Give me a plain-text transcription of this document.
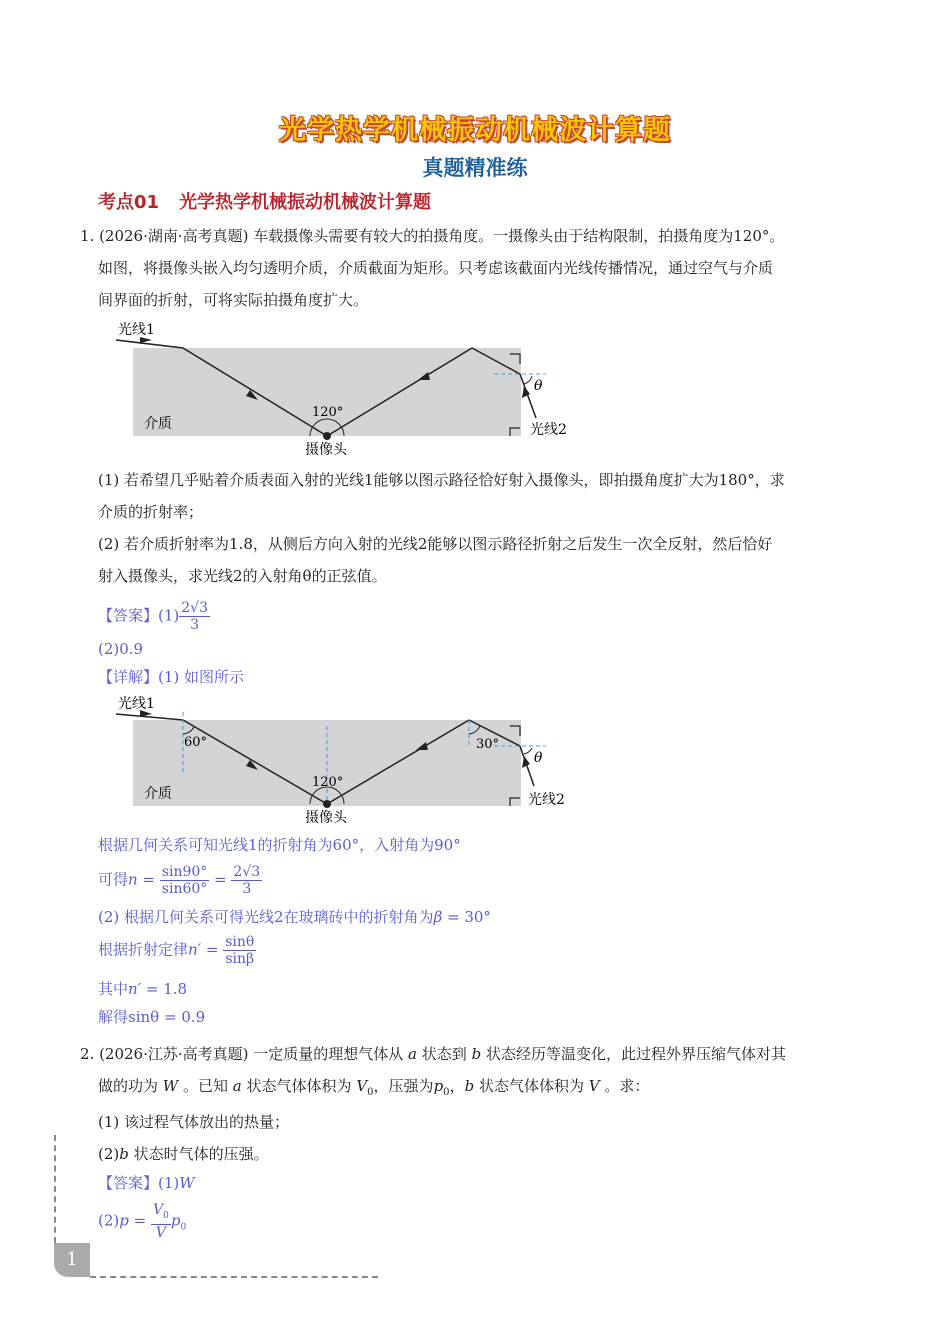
光学热学机械振动机械波计算题
真题精准练
考点01 光学热学机械振动机械波计算题
1. (2026·湖南·高考真题) 车载摄像头需要有较大的拍摄角度。一摄像头由于结构限制，拍摄角度为120°。
如图，将摄像头嵌入均匀透明介质，介质截面为矩形。只考虑该截面内光线传播情况，通过空气与介质
间界面的折射，可将实际拍摄角度扩大。
光线1
光线2
介质
120°
摄像头
θ
(1) 若希望几乎贴着介质表面入射的光线1能够以图示路径恰好射入摄像头，即拍摄角度扩大为180°，求
介质的折射率；
(2) 若介质折射率为1.8，从侧后方向入射的光线2能够以图示路径折射之后发生一次全反射，然后恰好
射入摄像头，求光线2的入射角θ的正弦值。
【答案】$(1) \frac{2√3}{3}$
(2)0.9
【详解】(1) 如图所示
光线1
光线2
介质
120°
摄像头
θ
60°	30°
根据几何关系可知光线1的折射角为60°，入射角为90°
可得$n = \frac{\sin 90^\circ}{\sin 60^\circ} = \frac{2√3}{3}$
(2) 根据几何关系可得光线2在玻璃砖中的折射角为β = 30°
根据折射定律$n' = \frac{\sin\theta}{\sin\beta}$
其中n′ = 1.8
解得sinθ = 0.9
2. (2026·江苏·高考真题) 一定质量的理想气体从 a 状态到 b 状态经历等温变化，此过程外界压缩气体对其
做的功为 W 。已知 a 状态气体体积为 $V_0$，压强为$p_0$，b 状态气体体积为 V 。求：
(1) 该过程气体放出的热量；
(2)b 状态时气体的压强。
【答案】(1)W
$(2)p = \frac{V_0}{V} p_0$
1
